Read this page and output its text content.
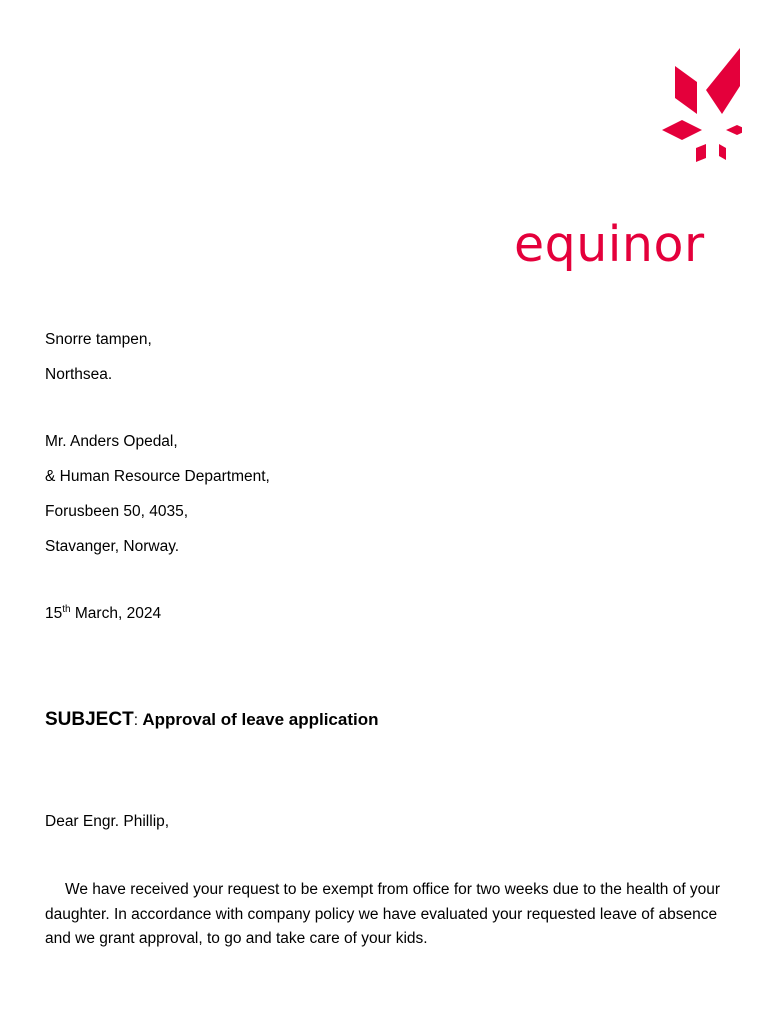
equinor
Snorre tampen,
Northsea.
Mr. Anders Opedal,
& Human Resource Department,
Forusbeen 50, 4035,
Stavanger, Norway.
15th March, 2024
SUBJECT: Approval of leave application
Dear Engr. Phillip,
We have received your request to be exempt from office for two weeks due to the health of your daughter. In accordance with company policy we have evaluated your requested leave of absence and we grant approval, to go and take care of your kids.
